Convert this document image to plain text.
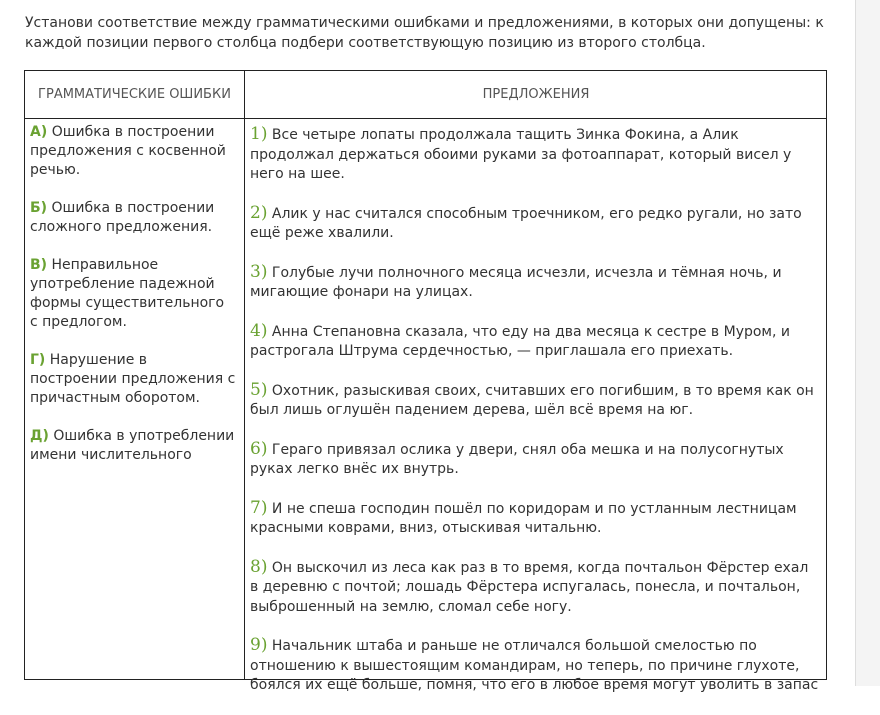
Установи соответствие между грамматическими ошибками и предложениями, в которых они допущены: к каждой позиции первого столбца подбери соответствующую позицию из второго столбца.
ГРАММАТИЧЕСКИЕ ОШИБКИ	ПРЕДЛОЖЕНИЯ
А) Ошибка в построении предложения с косвенной речью.
Б) Ошибка в построении сложного предложения.
В) Неправильное употребление падежной формы существительного с предлогом.
Г) Нарушение в построении предложения с причастным оборотом.
Д) Ошибка в употреблении имени числительного
1) Все четыре лопаты продолжала тащить Зинка Фокина, а Алик продолжал держаться обоими руками за фотоаппарат, который висел у него на шее.
2) Алик у нас считался способным троечником, его редко ругали, но зато ещё реже хвалили.
3) Голубые лучи полночного месяца исчезли, исчезла и тёмная ночь, и мигающие фонари на улицах.
4) Анна Степановна сказала, что еду на два месяца к сестре в Муром, и растрогала Штрума сердечностью, — приглашала его приехать.
5) Охотник, разыскивая своих, считавших его погибшим, в то время как он был лишь оглушён падением дерева, шёл всё время на юг.
6) Гераго привязал ослика у двери, снял оба мешка и на полусогнутых руках легко внёс их внутрь.
7) И не спеша господин пошёл по коридорам и по устланным лестницам красными коврами, вниз, отыскивая читальню.
8) Он выскочил из леса как раз в то время, когда почтальон Фёрстер ехал в деревню с почтой; лошадь Фёрстера испугалась, понесла, и почтальон, выброшенный на землю, сломал себе ногу.
9) Начальник штаба и раньше не отличался большой смелостью по отношению к вышестоящим командирам, но теперь, по причине глухоте, боялся их ещё больше, помня, что его в любое время могут уволить в запас
